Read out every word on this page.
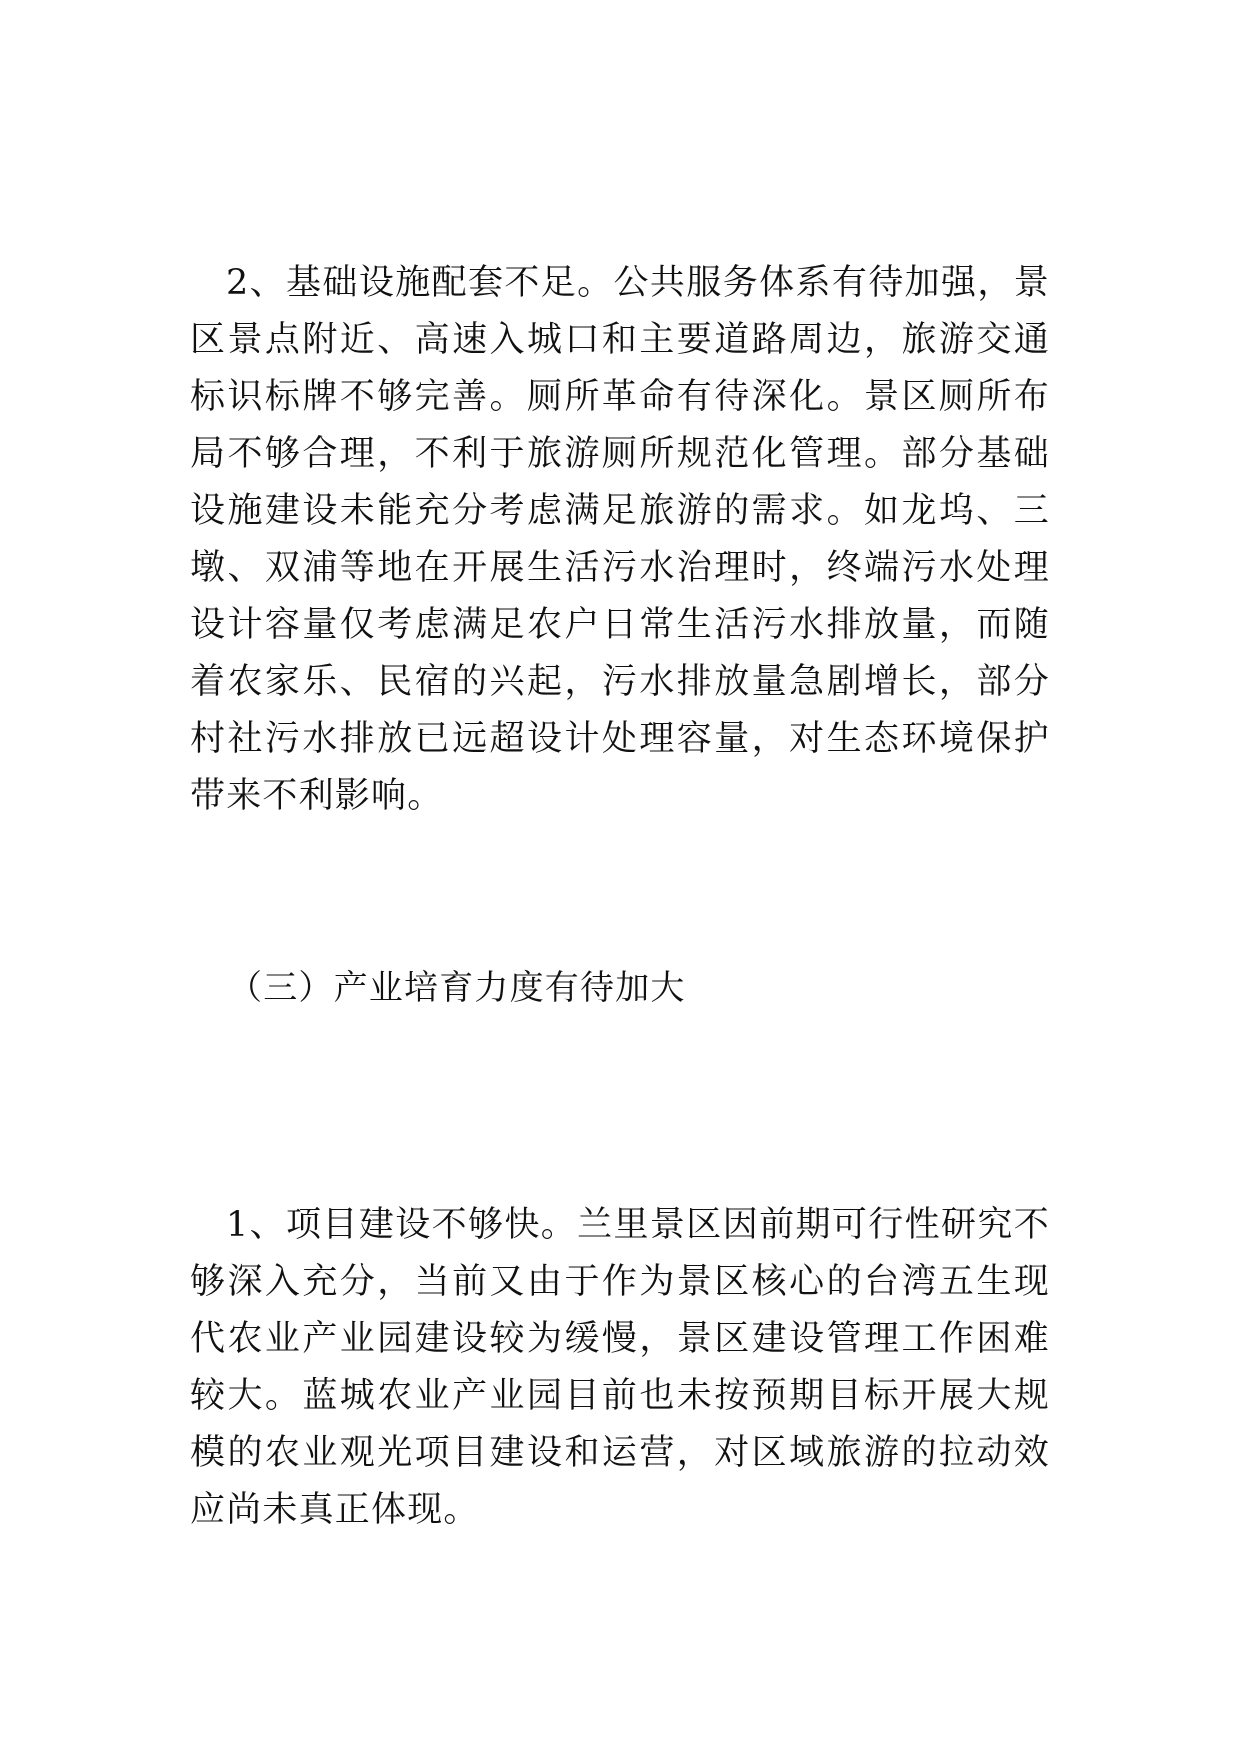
2、基础设施配套不足。公共服务体系有待加强，景区景点附近、高速入城口和主要道路周边，旅游交通标识标牌不够完善。厕所革命有待深化。景区厕所布局不够合理，不利于旅游厕所规范化管理。部分基础设施建设未能充分考虑满足旅游的需求。如龙坞、三墩、双浦等地在开展生活污水治理时，终端污水处理设计容量仅考虑满足农户日常生活污水排放量，而随着农家乐、民宿的兴起，污水排放量急剧增长，部分村社污水排放已远超设计处理容量，对生态环境保护带来不利影响。

（三）产业培育力度有待加大

1、项目建设不够快。兰里景区因前期可行性研究不够深入充分，当前又由于作为景区核心的台湾五生现代农业产业园建设较为缓慢，景区建设管理工作困难较大。蓝城农业产业园目前也未按预期目标开展大规模的农业观光项目建设和运营，对区域旅游的拉动效应尚未真正体现。
